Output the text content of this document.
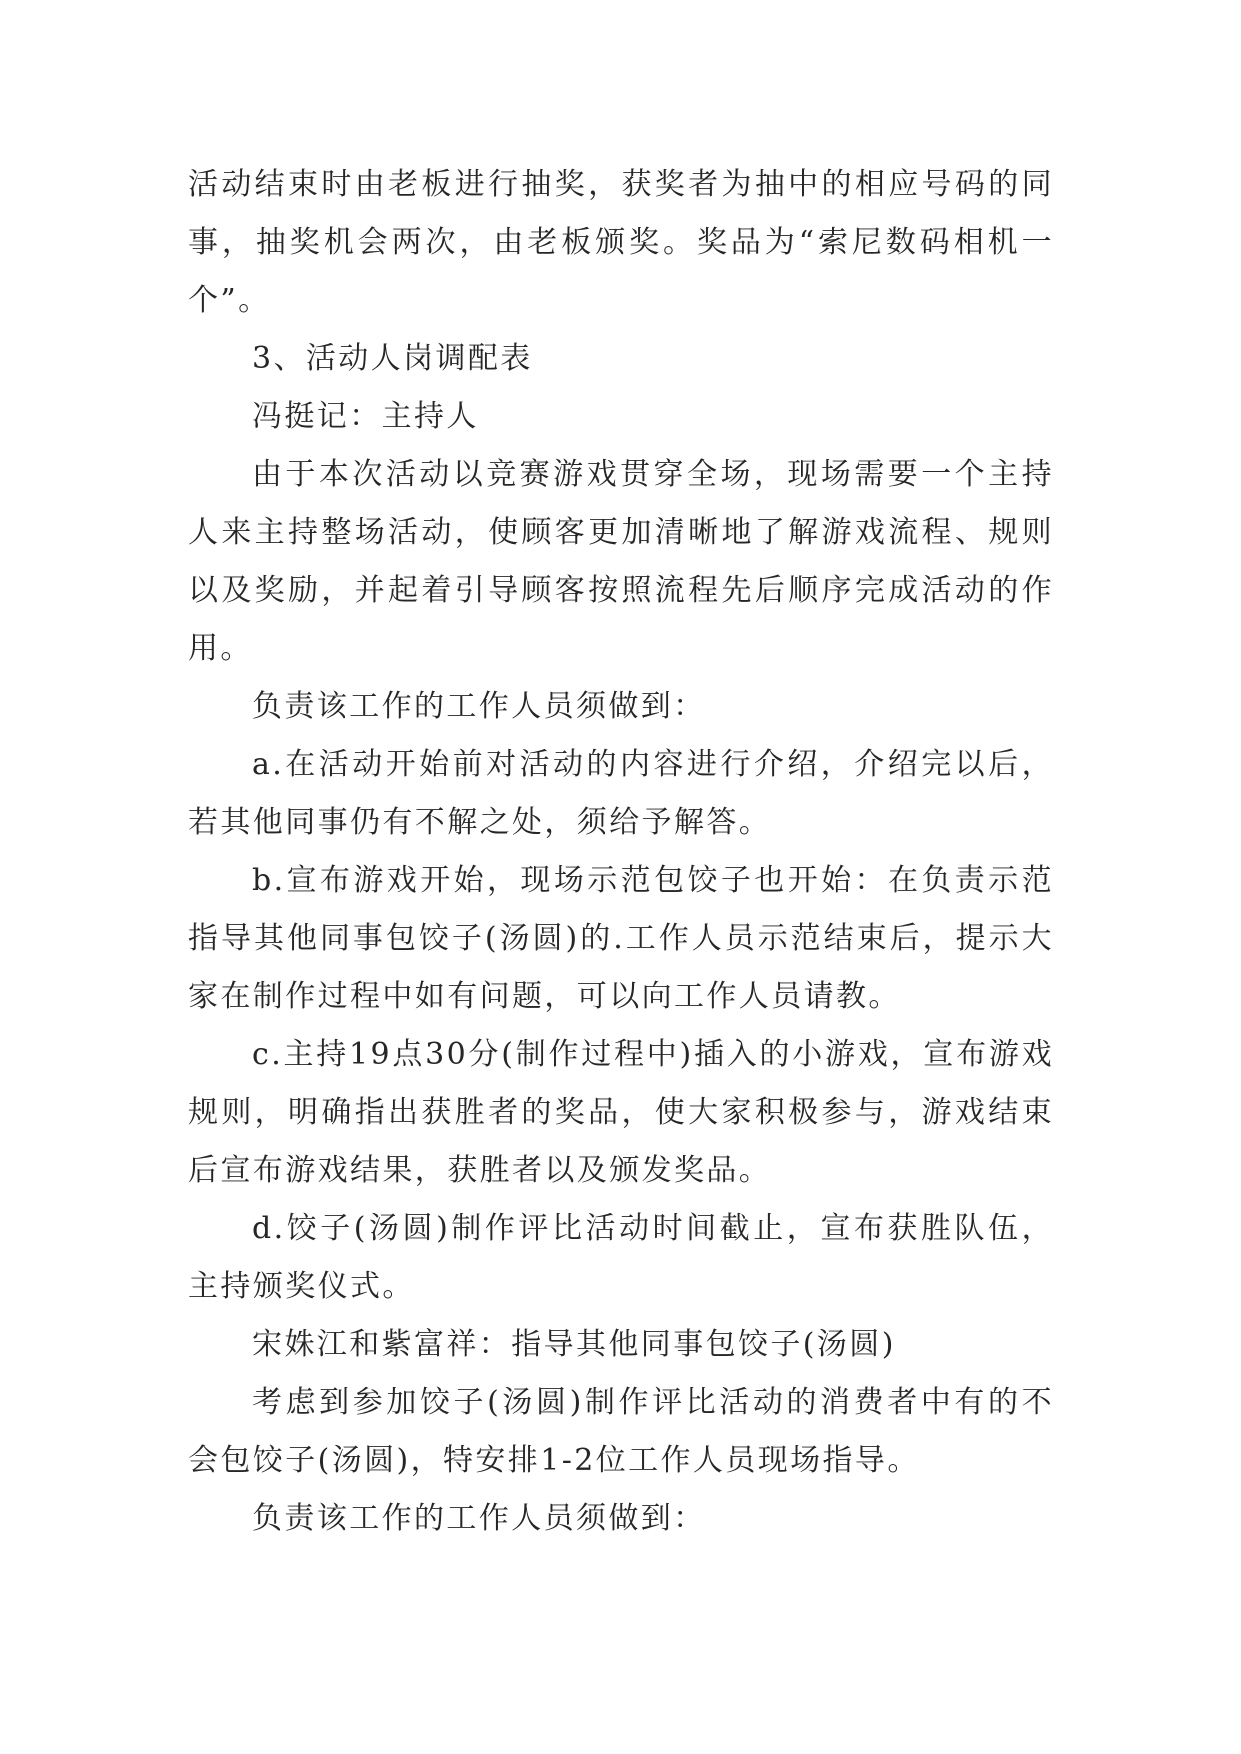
活动结束时由老板进行抽奖，获奖者为抽中的相应号码的同事，抽奖机会两次，由老板颁奖。奖品为“索尼数码相机一个”。

3、活动人岗调配表

冯挺记：主持人

由于本次活动以竞赛游戏贯穿全场，现场需要一个主持人来主持整场活动，使顾客更加清晰地了解游戏流程、规则以及奖励，并起着引导顾客按照流程先后顺序完成活动的作用。

负责该工作的工作人员须做到：

a.在活动开始前对活动的内容进行介绍，介绍完以后，若其他同事仍有不解之处，须给予解答。

b.宣布游戏开始，现场示范包饺子也开始：在负责示范指导其他同事包饺子(汤圆)的.工作人员示范结束后，提示大家在制作过程中如有问题，可以向工作人员请教。

c.主持19点30分(制作过程中)插入的小游戏，宣布游戏规则，明确指出获胜者的奖品，使大家积极参与，游戏结束后宣布游戏结果，获胜者以及颁发奖品。

d.饺子(汤圆)制作评比活动时间截止，宣布获胜队伍，主持颁奖仪式。

宋姝江和紫富祥：指导其他同事包饺子(汤圆)

考虑到参加饺子(汤圆)制作评比活动的消费者中有的不会包饺子(汤圆)，特安排1-2位工作人员现场指导。

负责该工作的工作人员须做到：
